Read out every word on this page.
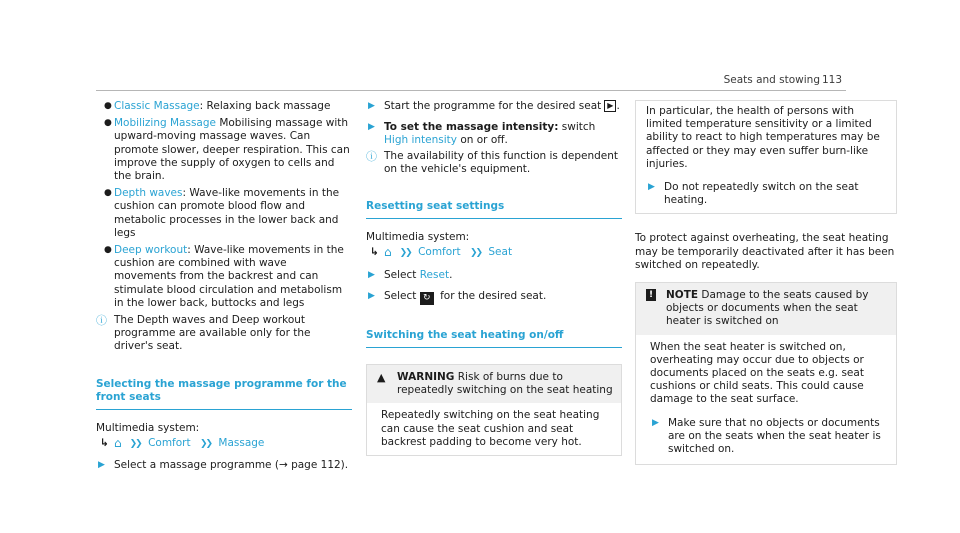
Seats and stowing 113
● Classic Massage: Relaxing back massage
● Mobilizing Massage Mobilising massage with upward-moving massage waves. Can promote slower, deeper respiration. This can improve the supply of oxygen to cells and the brain.
● Depth waves: Wave-like movements in the cushion can promote blood flow and metabolic processes in the lower back and legs
● Deep workout: Wave-like movements in the cushion are combined with wave movements from the backrest and can stimulate blood circulation and metabolism in the lower back, buttocks and legs
ⓘ The Depth waves and Deep workout programme are available only for the driver's seat.
Selecting the massage programme for the front seats
Multimedia system:
↳ ⌂ ❯❯ Comfort ❯❯ Massage
▶ Select a massage programme (→ page 112).
▶ Start the programme for the desired seat ▶ .
▶ To set the massage intensity: switch High intensity on or off.
ⓘ The availability of this function is dependent on the vehicle's equipment.
Resetting seat settings
Multimedia system:
↳ ⌂ ❯❯ Comfort ❯❯ Seat
▶ Select Reset.
▶ Select ↻ for the desired seat.
Switching the seat heating on/off
▲ WARNING Risk of burns due to repeatedly switching on the seat heating
Repeatedly switching on the seat heating can cause the seat cushion and seat backrest padding to become very hot.
In particular, the health of persons with limited temperature sensitivity or a limited ability to react to high temperatures may be affected or they may even suffer burn-like injuries.
▶ Do not repeatedly switch on the seat heating.
To protect against overheating, the seat heating may be temporarily deactivated after it has been switched on repeatedly.
! NOTE Damage to the seats caused by objects or documents when the seat heater is switched on
When the seat heater is switched on, overheating may occur due to objects or documents placed on the seats e.g. seat cushions or child seats. This could cause damage to the seat surface.
▶ Make sure that no objects or documents are on the seats when the seat heater is switched on.
